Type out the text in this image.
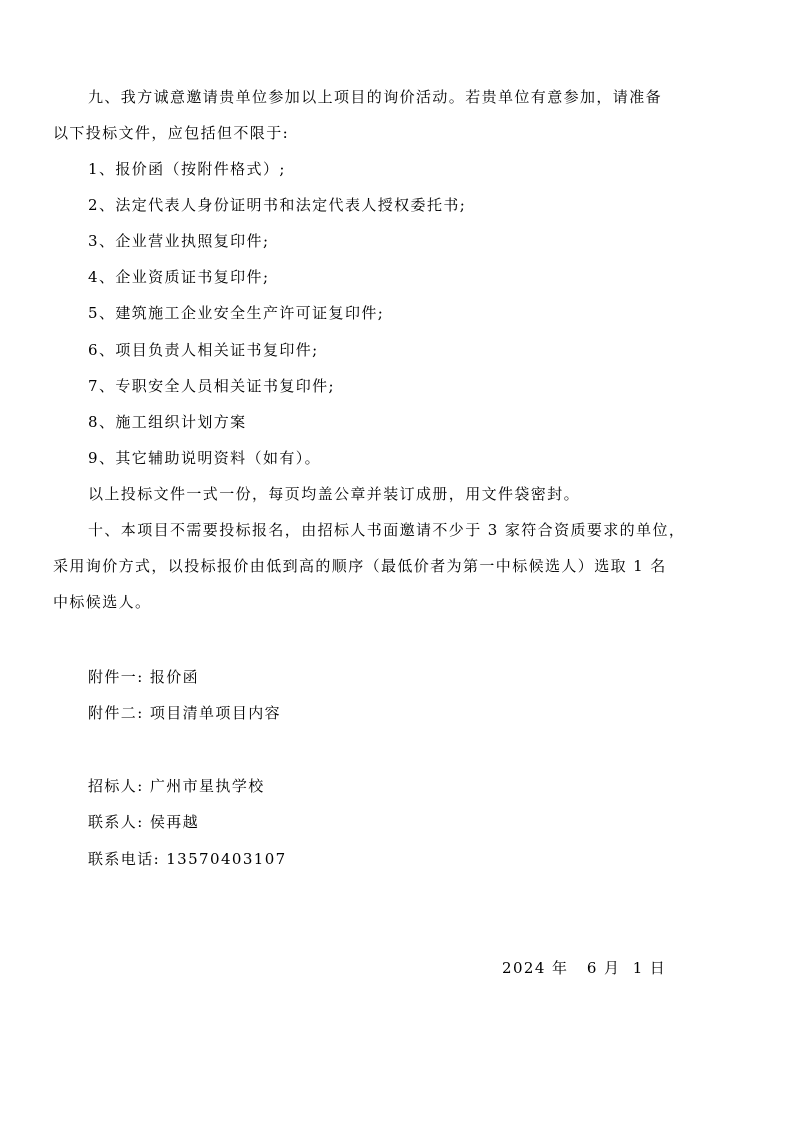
九、我方诚意邀请贵单位参加以上项目的询价活动。若贵单位有意参加，请准备
以下投标文件，应包括但不限于:
1、报价函（按附件格式）;
2、法定代表人身份证明书和法定代表人授权委托书;
3、企业营业执照复印件;
4、企业资质证书复印件;
5、建筑施工企业安全生产许可证复印件;
6、项目负责人相关证书复印件;
7、专职安全人员相关证书复印件;
8、施工组织计划方案
9、其它辅助说明资料（如有）。
以上投标文件一式一份，每页均盖公章并装订成册，用文件袋密封。
十、本项目不需要投标报名，由招标人书面邀请不少于 3 家符合资质要求的单位，
采用询价方式，以投标报价由低到高的顺序（最低价者为第一中标候选人）选取 1 名
中标候选人。
附件一: 报价函
附件二: 项目清单项目内容
招标人: 广州市星执学校
联系人: 侯再越
联系电话: 13570403107
2024 年   6 月  1 日
